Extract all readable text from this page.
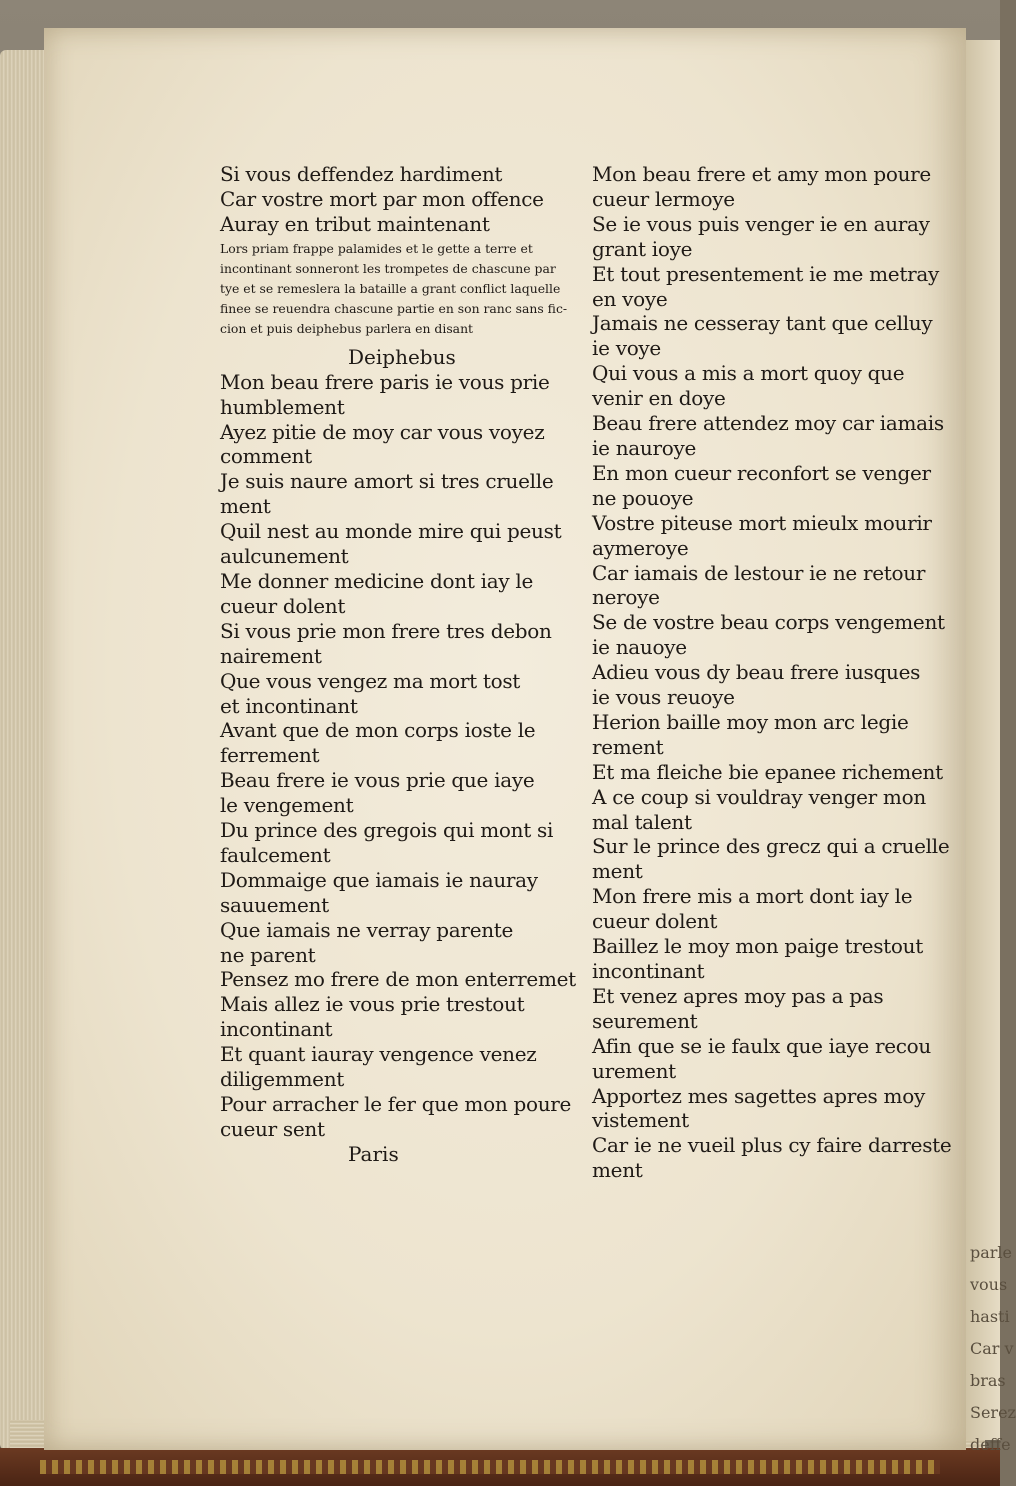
parle
vous
hasti
Car v
bras
Serez
deffe
Si vous deffendez hardiment
Car vostre mort par mon offence
Auray en tribut maintenant
Lors priam frappe palamides et le gette a terre et
incontinant sonneront les trompetes de chascune par
tye et se remeslera la bataille a grant conflict laquelle
finee se reuendra chascune partie en son ranc sans fic-
cion et puis deiphebus parlera en disant
Deiphebus
Mon beau frere paris ie vous prie
humblement
Ayez pitie de moy car vous voyez
comment
Je suis naure amort si tres cruelle
ment
Quil nest au monde mire qui peust
aulcunement
Me donner medicine dont iay le
cueur dolent
Si vous prie mon frere tres debon
nairement
Que vous vengez ma mort tost
et incontinant
Avant que de mon corps ioste le
ferrement
Beau frere ie vous prie que iaye
le vengement
Du prince des gregois qui mont si
faulcement
Dommaige que iamais ie nauray
sauuement
Que iamais ne verray parente
ne parent
Pensez mo frere de mon enterremet
Mais allez ie vous prie trestout
incontinant
Et quant iauray vengence venez
diligemment
Pour arracher le fer que mon poure
cueur sent
Paris
Mon beau frere et amy mon poure
cueur lermoye
Se ie vous puis venger ie en auray
grant ioye
Et tout presentement ie me metray
en voye
Jamais ne cesseray tant que celluy
ie voye
Qui vous a mis a mort quoy que
venir en doye
Beau frere attendez moy car iamais
ie nauroye
En mon cueur reconfort se venger
ne pouoye
Vostre piteuse mort mieulx mourir
aymeroye
Car iamais de lestour ie ne retour
neroye
Se de vostre beau corps vengement
ie nauoye
Adieu vous dy beau frere iusques
ie vous reuoye
Herion baille moy mon arc legie
rement
Et ma fleiche bie epanee richement
A ce coup si vouldray venger mon
mal talent
Sur le prince des grecz qui a cruelle
ment
Mon frere mis a mort dont iay le
cueur dolent
Baillez le moy mon paige trestout
incontinant
Et venez apres moy pas a pas
seurement
Afin que se ie faulx que iaye recou
urement
Apportez mes sagettes apres moy
vistement
Car ie ne vueil plus cy faire darreste
ment
